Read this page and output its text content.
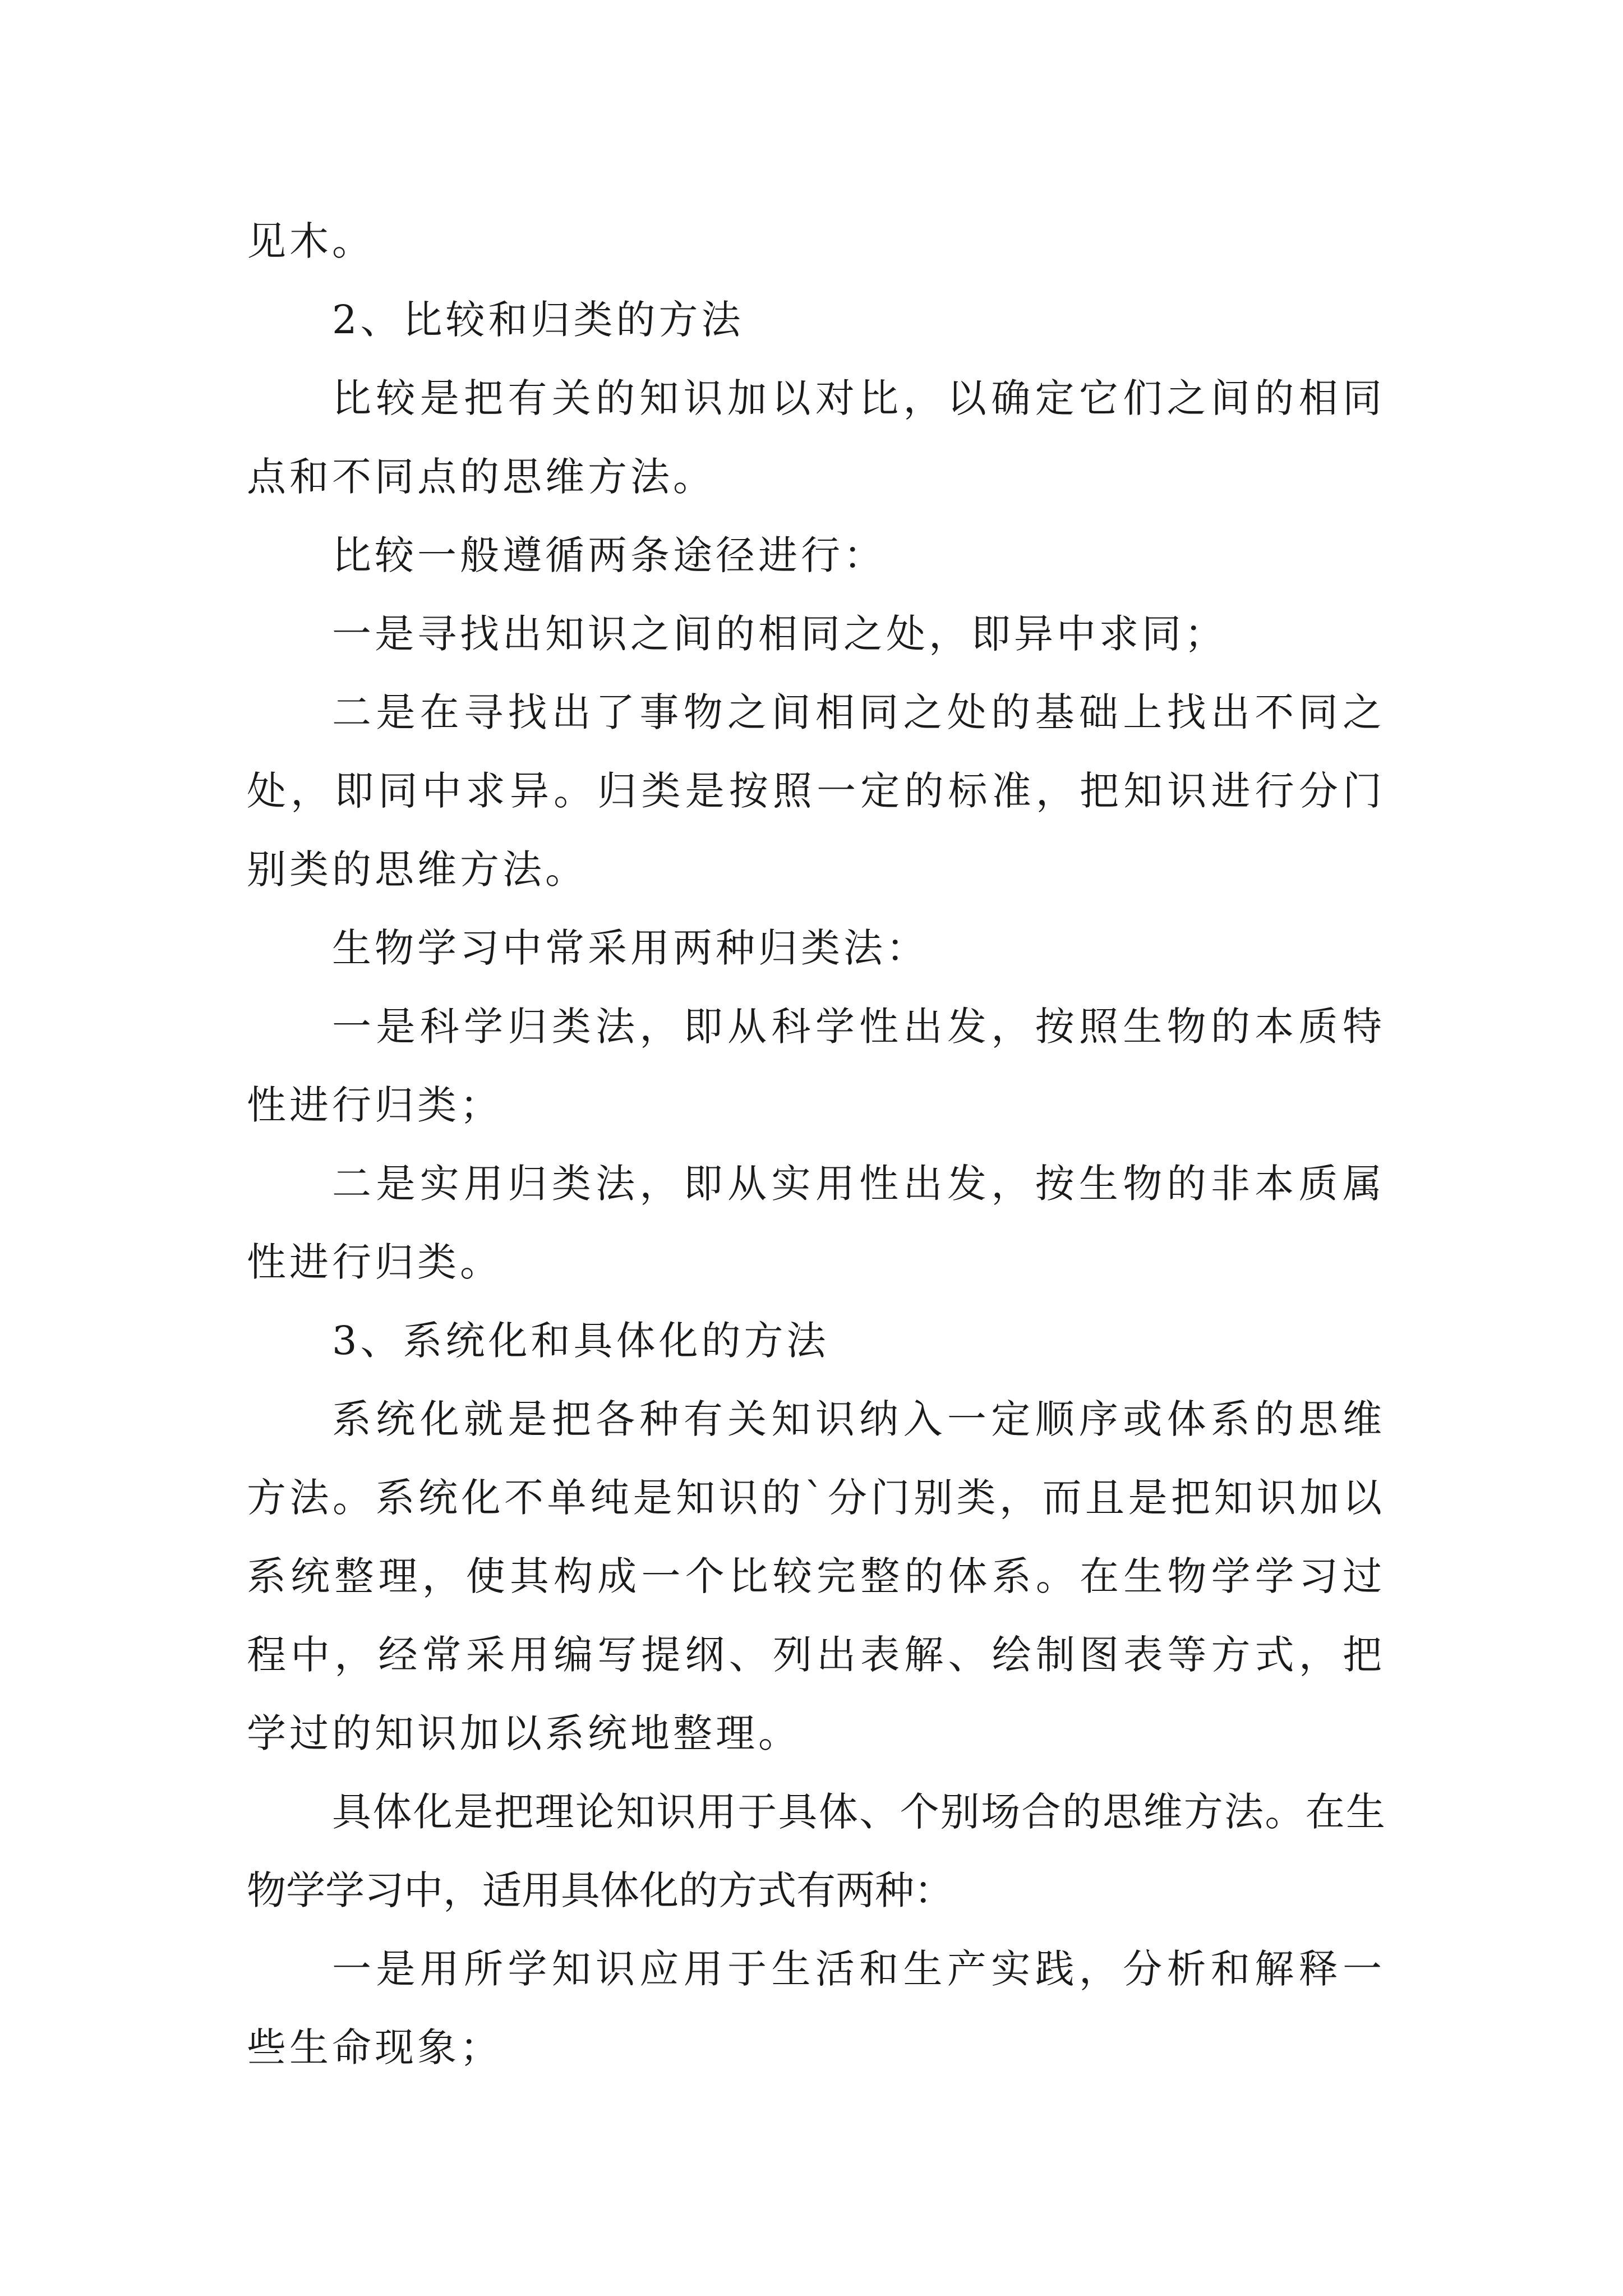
见木。

2、比较和归类的方法

比较是把有关的知识加以对比，以确定它们之间的相同点和不同点的思维方法。

比较一般遵循两条途径进行：

一是寻找出知识之间的相同之处，即异中求同；

二是在寻找出了事物之间相同之处的基础上找出不同之处，即同中求异。归类是按照一定的标准，把知识进行分门别类的思维方法。

生物学习中常采用两种归类法：

一是科学归类法，即从科学性出发，按照生物的本质特性进行归类；

二是实用归类法，即从实用性出发，按生物的非本质属性进行归类。

3、系统化和具体化的方法

系统化就是把各种有关知识纳入一定顺序或体系的思维方法。系统化不单纯是知识的`分门别类，而且是把知识加以系统整理，使其构成一个比较完整的体系。在生物学学习过程中，经常采用编写提纲、列出表解、绘制图表等方式，把学过的知识加以系统地整理。

具体化是把理论知识用于具体、个别场合的思维方法。在生物学学习中，适用具体化的方式有两种：

一是用所学知识应用于生活和生产实践，分析和解释一些生命现象；
